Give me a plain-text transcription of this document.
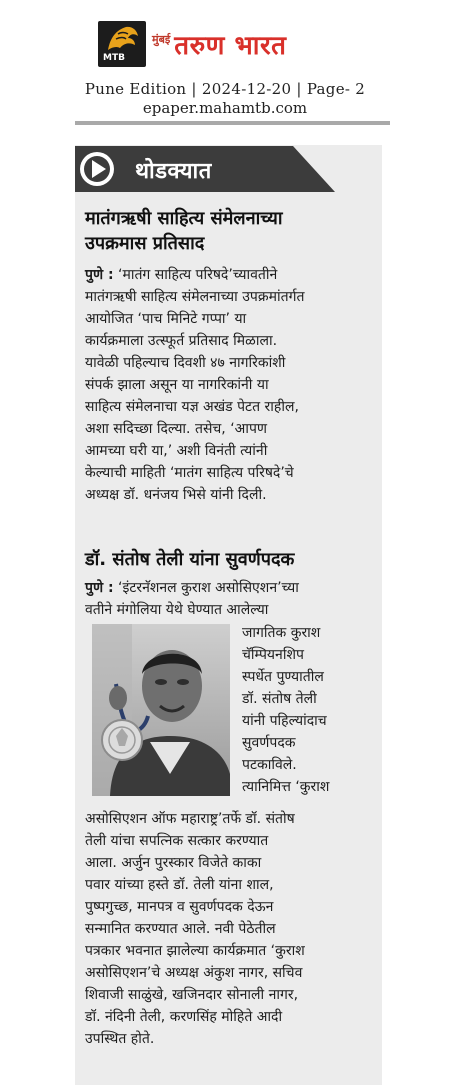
MTB
मुंबई तरुण भारत
Pune Edition | 2024-12-20 | Page- 2
epaper.mahamtb.com
थोडक्यात
मातंगऋषी साहित्य संमेलनाच्या
उपक्रमास प्रतिसाद
पुणे : ‘मातंग साहित्य परिषदे’च्यावतीने
मातंगऋषी साहित्य संमेलनाच्या उपक्रमांतर्गत
आयोजित ‘पाच मिनिटे गप्पा’ या
कार्यक्रमाला उत्स्फूर्त प्रतिसाद मिळाला.
यावेळी पहिल्याच दिवशी ४७ नागरिकांशी
संपर्क झाला असून या नागरिकांनी या
साहित्य संमेलनाचा यज्ञ अखंड पेटत राहील,
अशा सदिच्छा दिल्या. तसेच, ‘आपण
आमच्या घरी या,’ अशी विनंती त्यांनी
केल्याची माहिती ‘मातंग साहित्य परिषदे’चे
अध्यक्ष डॉ. धनंजय भिसे यांनी दिली.
डॉ. संतोष तेली यांना सुवर्णपदक
पुणे : ‘इंटरनॅशनल कुराश असोसिएशन’च्या
वतीने मंगोलिया येथे घेण्यात आलेल्या
जागतिक कुराश
चॅम्पियनशिप
स्पर्धेत पुण्यातील
डॉ. संतोष तेली
यांनी पहिल्यांदाच
सुवर्णपदक
पटकाविले.
त्यानिमित्त ‘कुराश
असोसिएशन ऑफ महाराष्ट्र’तर्फे डॉ. संतोष
तेली यांचा सपत्निक सत्कार करण्यात
आला. अर्जुन पुरस्कार विजेते काका
पवार यांच्या हस्ते डॉ. तेली यांना शाल,
पुष्पगुच्छ, मानपत्र व सुवर्णपदक देऊन
सन्मानित करण्यात आले. नवी पेठेतील
पत्रकार भवनात झालेल्या कार्यक्रमात ‘कुराश
असोसिएशन’चे अध्यक्ष अंकुश नागर, सचिव
शिवाजी साळुंखे, खजिनदार सोनाली नागर,
डॉ. नंदिनी तेली, करणसिंह मोहिते आदी
उपस्थित होते.
